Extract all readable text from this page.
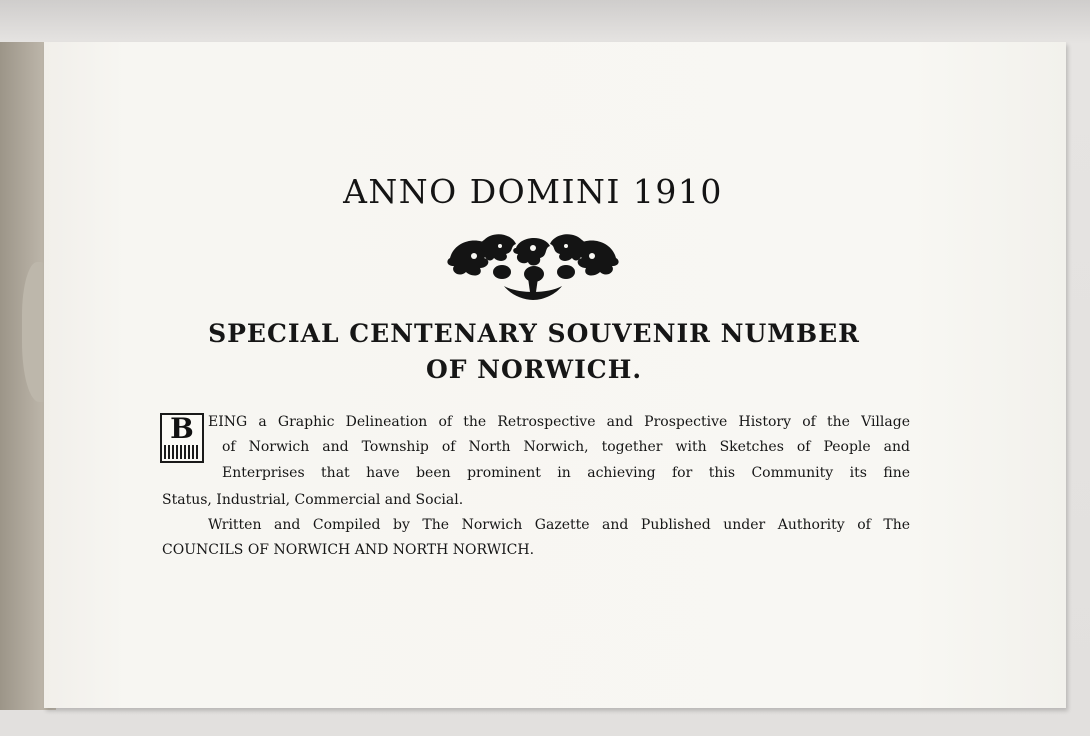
ANNO DOMINI 1910
SPECIAL CENTENARY SOUVENIR NUMBER
OF NORWICH.
B	EING a Graphic Delineation of the Retrospective and Prospective History of the Village
of Norwich and Township of North Norwich, together with Sketches of People and
Enterprises that have been prominent in achieving for this Community its fine
Status, Industrial, Commercial and Social.
Written and Compiled by The Norwich Gazette and Published under Authority of The
COUNCILS OF NORWICH AND NORTH NORWICH.
